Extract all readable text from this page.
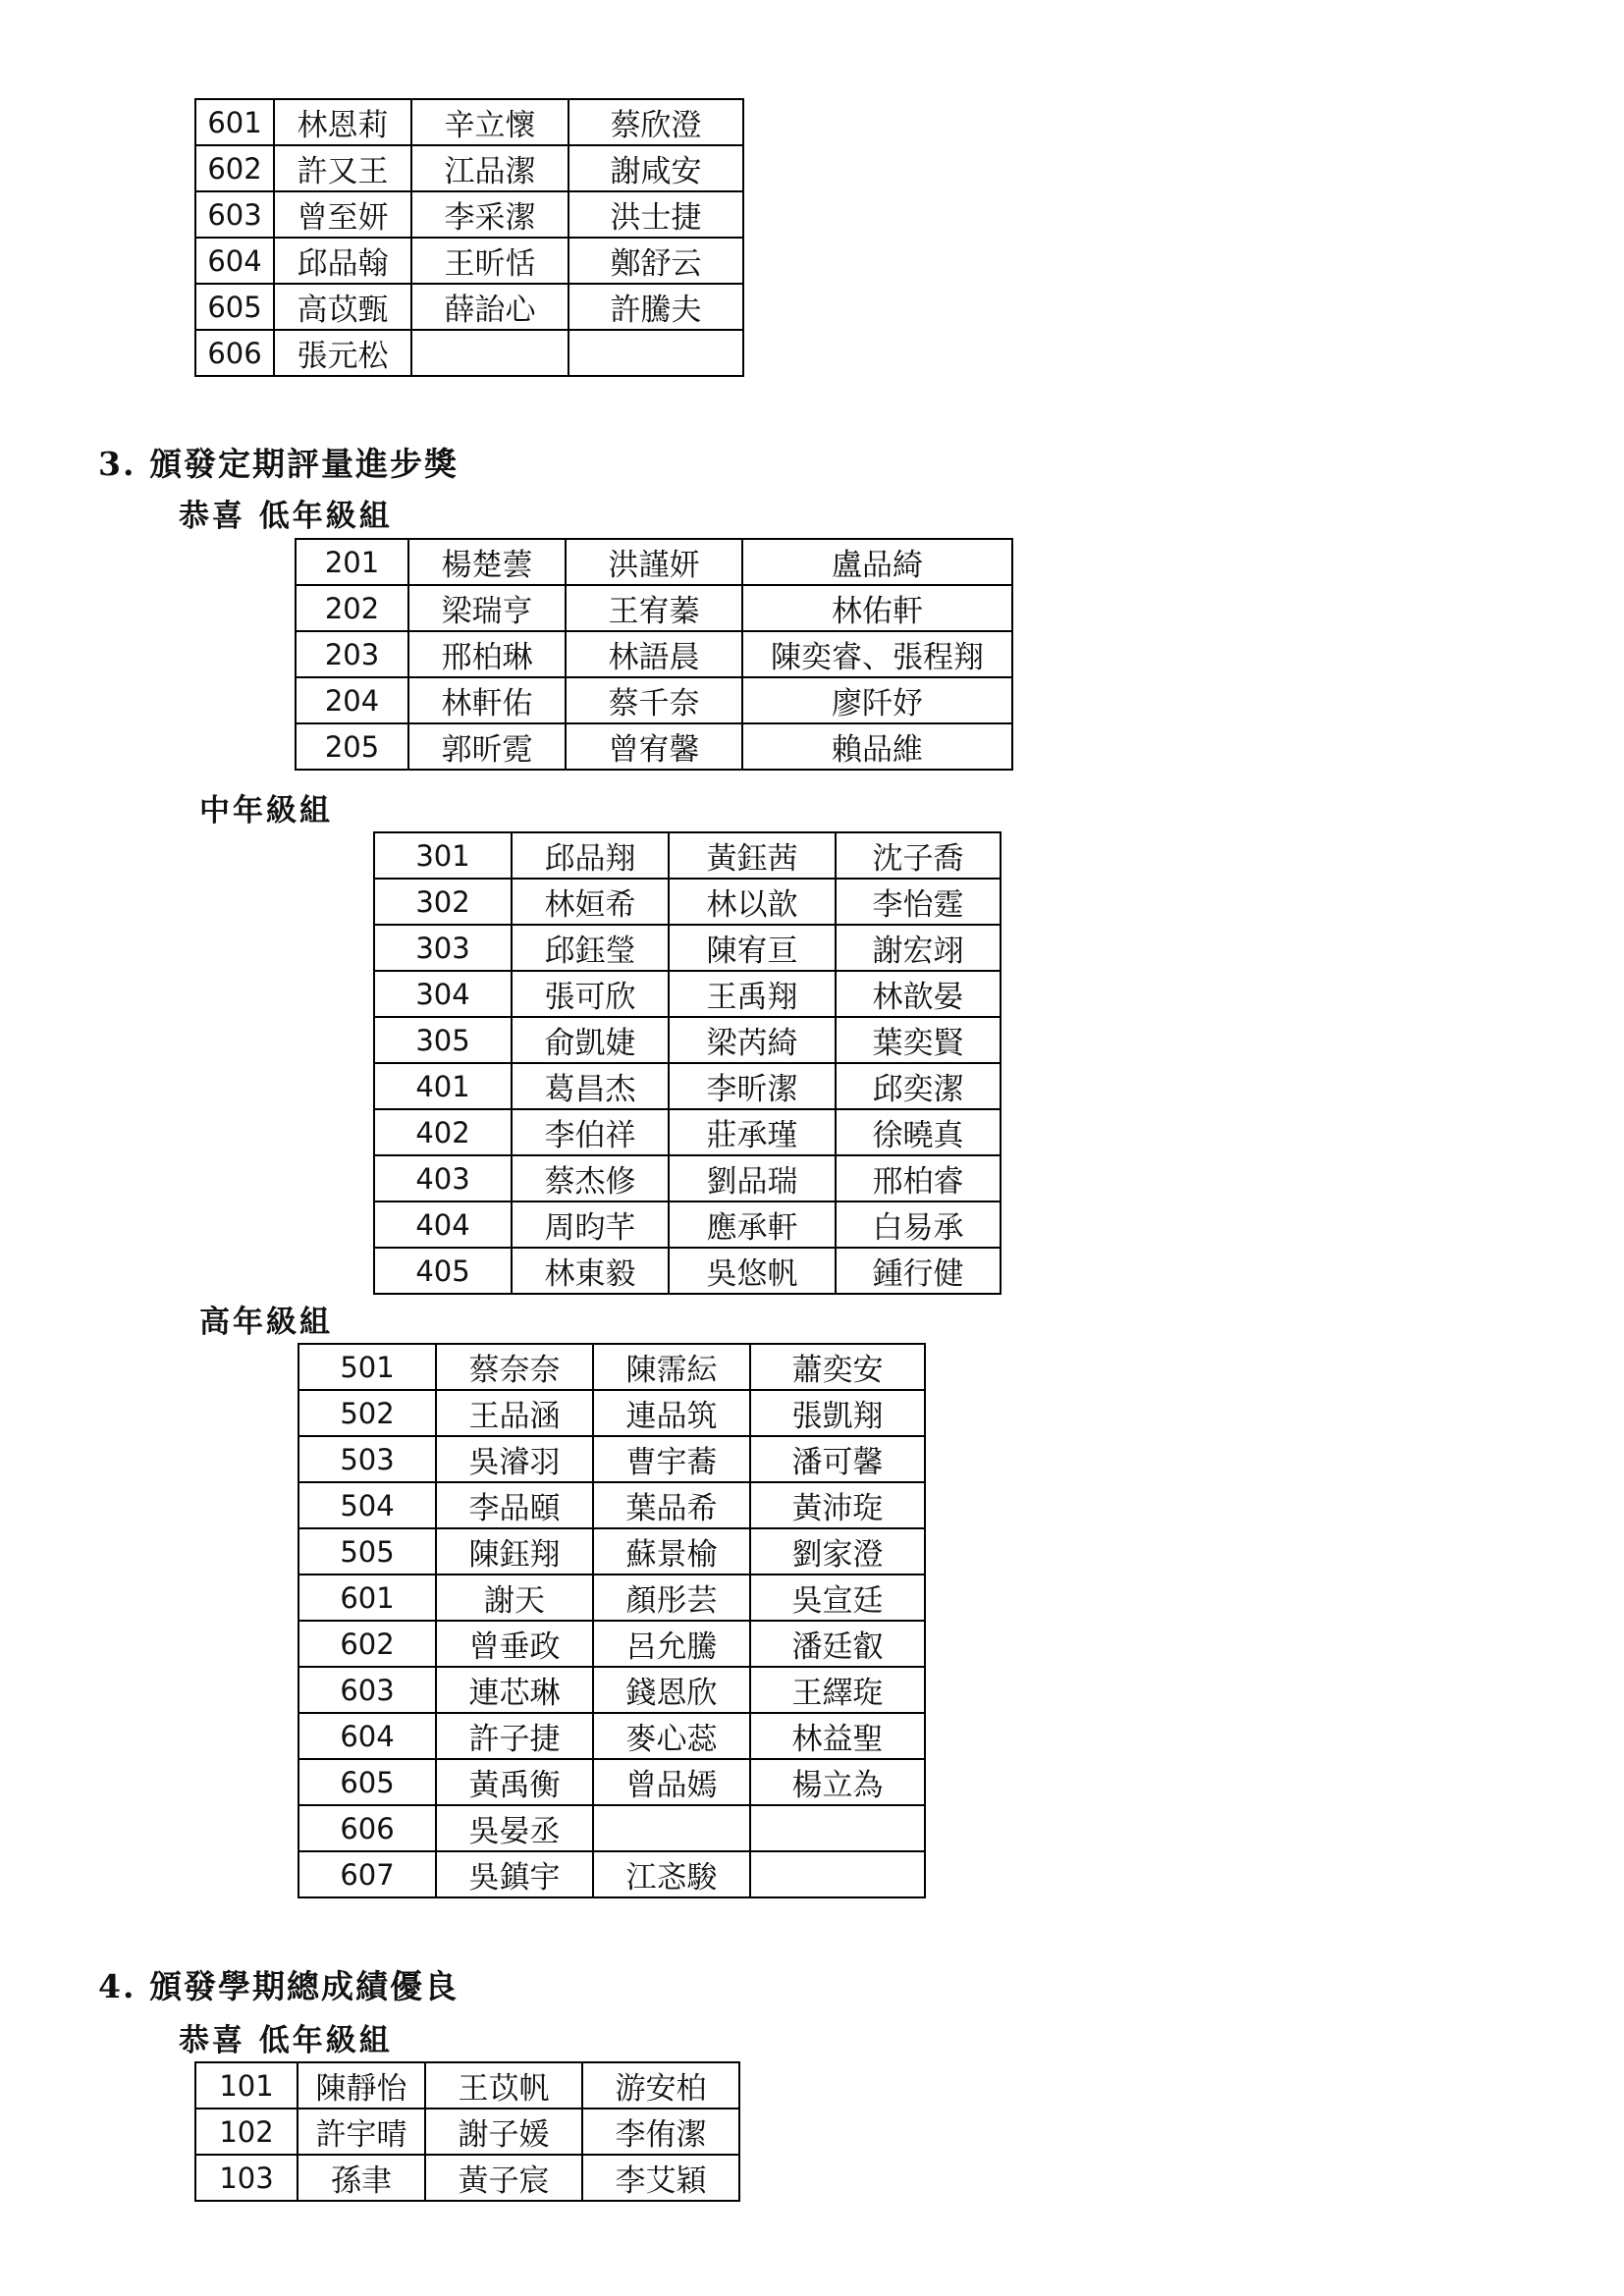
601	林恩莉	辛立懷	蔡欣澄
602	許又王	江品潔	謝咸安
603	曾至妍	李采潔	洪士捷
604	邱品翰	王昕恬	鄭舒云
605	高苡甄	薛詒心	許騰夫
606	張元松		
3. 頒發定期評量進步獎
恭喜 低年級組
201	楊楚蕓	洪謹妍	盧品綺
202	梁瑞亨	王宥蓁	林佑軒
203	邢柏琳	林語晨	陳奕睿、張程翔
204	林軒佑	蔡千奈	廖阡妤
205	郭昕霓	曾宥馨	賴品維
中年級組
301	邱品翔	黃鈺茜	沈子喬
302	林姮希	林以歆	李怡霆
303	邱鈺瑩	陳宥亘	謝宏翊
304	張可欣	王禹翔	林歆晏
305	俞凱婕	梁芮綺	葉奕賢
401	葛昌杰	李昕潔	邱奕潔
402	李伯祥	莊承瑾	徐曉真
403	蔡杰修	劉品瑞	邢柏睿
404	周昀芊	應承軒	白易承
405	林東毅	吳悠帆	鍾行健
高年級組
501	蔡奈奈	陳霈紜	蕭奕安
502	王品涵	連品筑	張凱翔
503	吳濬羽	曹宇蕎	潘可馨
504	李品頤	葉品希	黃沛琁
505	陳鈺翔	蘇景榆	劉家澄
601	謝天	顏彤芸	吳宣廷
602	曾垂政	呂允騰	潘廷叡
603	連芯琳	錢恩欣	王繹琁
604	許子捷	麥心蕊	林益聖
605	黃禹衡	曾品嫣	楊立為
606	吳晏丞		
607	吳鎮宇	江忞駿	
4. 頒發學期總成績優良
恭喜 低年級組
101	陳靜怡	王苡帆	游安柏
102	許宇晴	謝子媛	李侑潔
103	孫聿	黃子宸	李艾穎
